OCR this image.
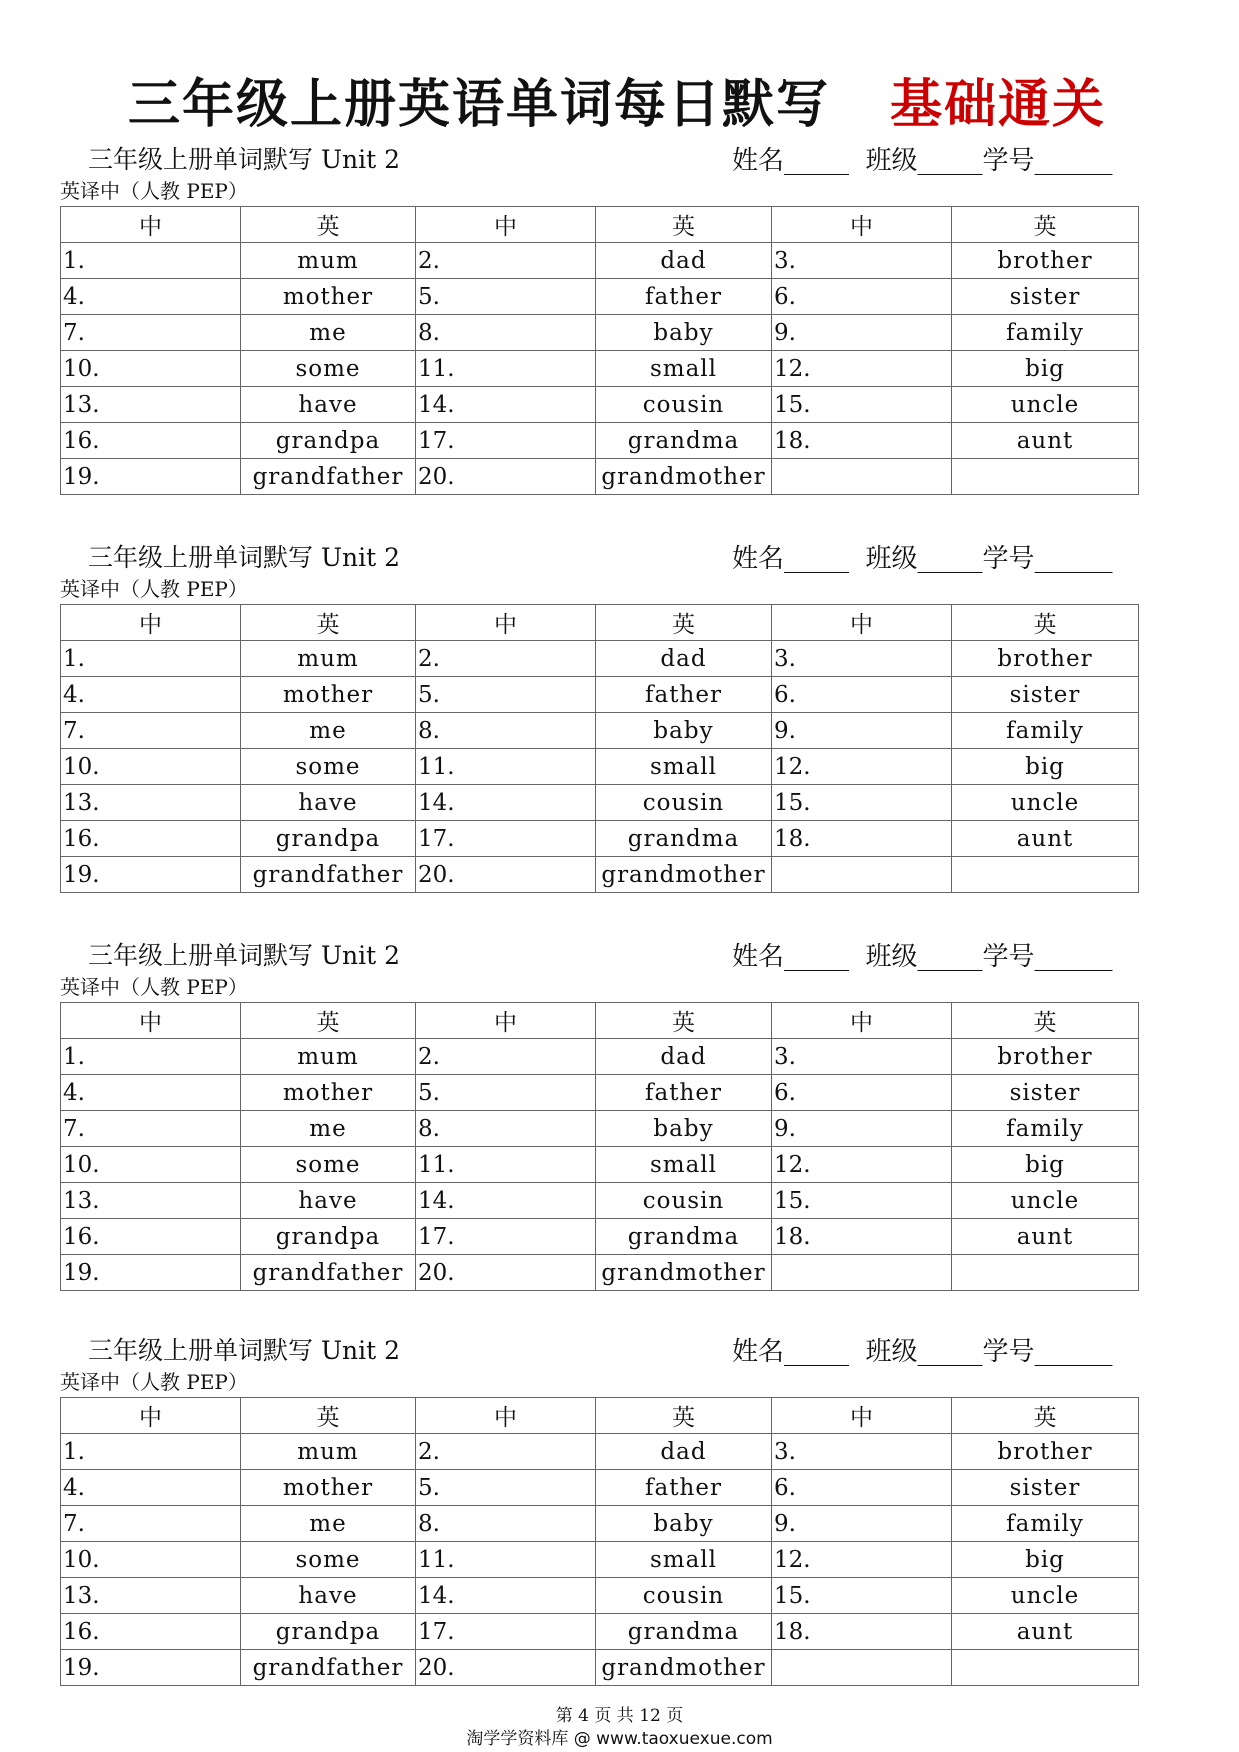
三年级上册英语单词每日默写 基础通关
三年级上册单词默写 Unit 2	姓名_____  班级_____学号______
英译中（人教 PEP）
中	英	中	英	中	英
1.	mum	2.	dad	3.	brother
4.	mother	5.	father	6.	sister
7.	me	8.	baby	9.	family
10.	some	11.	small	12.	big
13.	have	14.	cousin	15.	uncle
16.	grandpa	17.	grandma	18.	aunt
19.	grandfather	20.	grandmother		
三年级上册单词默写 Unit 2	姓名_____  班级_____学号______
英译中（人教 PEP）
中	英	中	英	中	英
1.	mum	2.	dad	3.	brother
4.	mother	5.	father	6.	sister
7.	me	8.	baby	9.	family
10.	some	11.	small	12.	big
13.	have	14.	cousin	15.	uncle
16.	grandpa	17.	grandma	18.	aunt
19.	grandfather	20.	grandmother		
三年级上册单词默写 Unit 2	姓名_____  班级_____学号______
英译中（人教 PEP）
中	英	中	英	中	英
1.	mum	2.	dad	3.	brother
4.	mother	5.	father	6.	sister
7.	me	8.	baby	9.	family
10.	some	11.	small	12.	big
13.	have	14.	cousin	15.	uncle
16.	grandpa	17.	grandma	18.	aunt
19.	grandfather	20.	grandmother		
三年级上册单词默写 Unit 2	姓名_____  班级_____学号______
英译中（人教 PEP）
中	英	中	英	中	英
1.	mum	2.	dad	3.	brother
4.	mother	5.	father	6.	sister
7.	me	8.	baby	9.	family
10.	some	11.	small	12.	big
13.	have	14.	cousin	15.	uncle
16.	grandpa	17.	grandma	18.	aunt
19.	grandfather	20.	grandmother		
第 4 页 共 12 页
淘学学资料库 @ www.taoxuexue.com
